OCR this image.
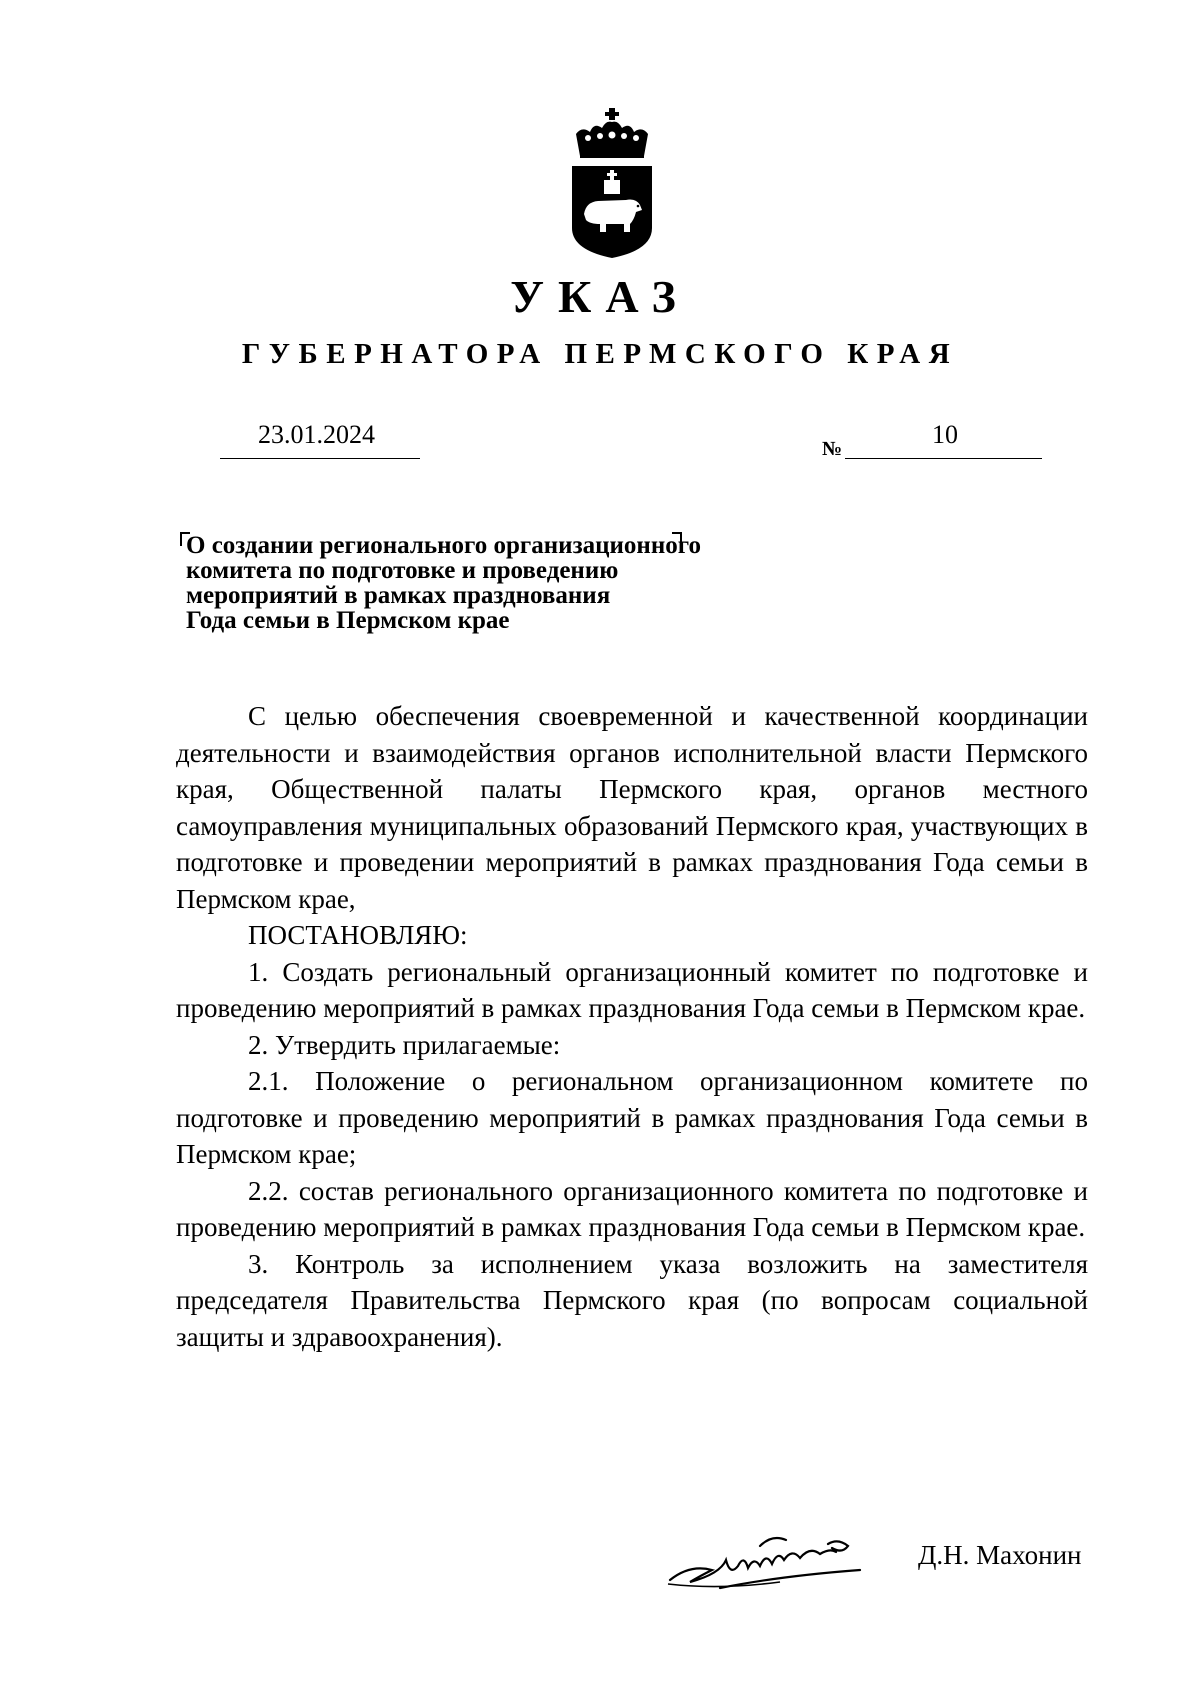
УКАЗ
ГУБЕРНАТОРА ПЕРМСКОГО КРАЯ
23.01.2024	№	10
О создании регионального организационного
комитета по подготовке и проведению
мероприятий в рамках празднования
Года семьи в Пермском крае

С целью обеспечения своевременной и качественной координации деятельности и взаимодействия органов исполнительной власти Пермского края, Общественной палаты Пермского края, органов местного самоуправления муниципальных образований Пермского края, участвующих в подготовке и проведении мероприятий в рамках празднования Года семьи в Пермском крае,

ПОСТАНОВЛЯЮ:

1. Создать региональный организационный комитет по подготовке и проведению мероприятий в рамках празднования Года семьи в Пермском крае.

2. Утвердить прилагаемые:

2.1. Положение о региональном организационном комитете по подготовке и проведению мероприятий в рамках празднования Года семьи в Пермском крае;

2.2. состав регионального организационного комитета по подготовке и проведению мероприятий в рамках празднования Года семьи в Пермском крае.

3. Контроль за исполнением указа возложить на заместителя председателя Правительства Пермского края (по вопросам социальной защиты и здравоохранения).

Д.Н. Махонин
